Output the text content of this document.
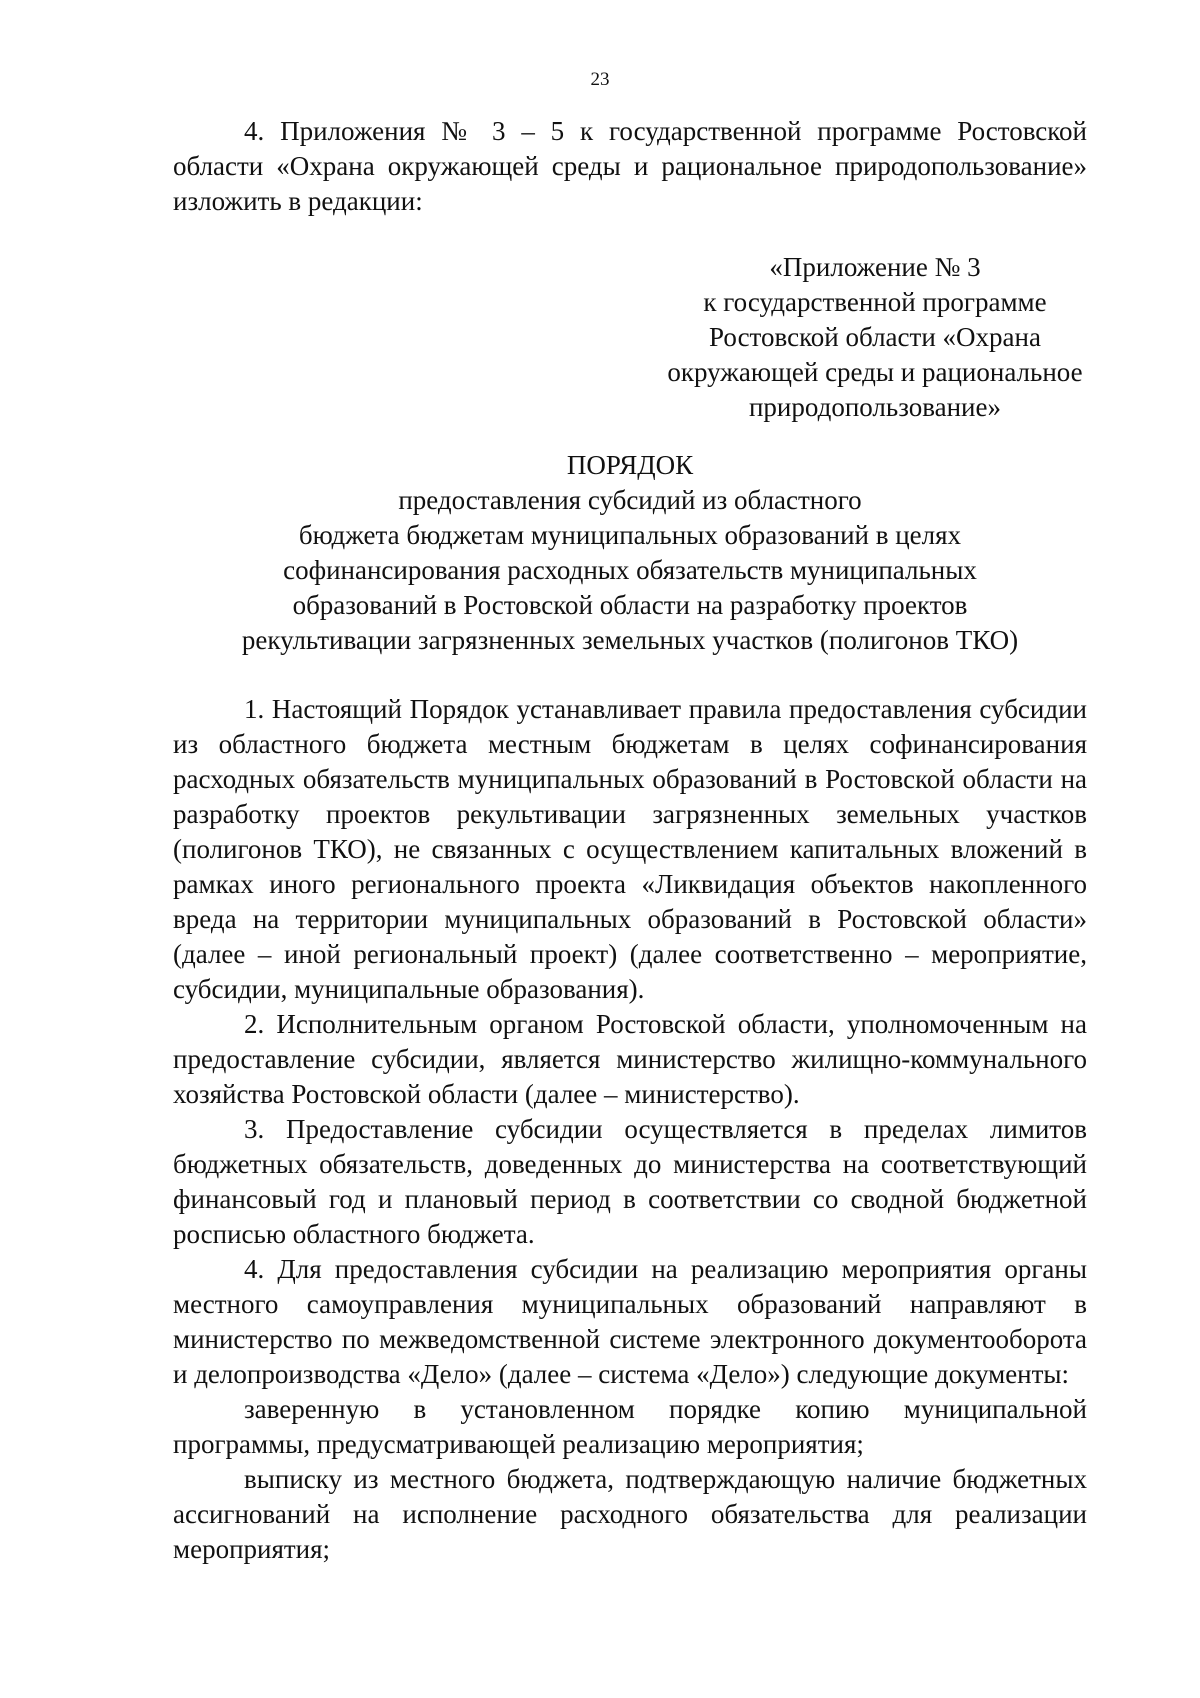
23

4. Приложения № 3 – 5 к государственной программе Ростовской области «Охрана окружающей среды и рациональное природопользование» изложить в редакции:

«Приложение № 3
к государственной программе
Ростовской области «Охрана
окружающей среды и рациональное
природопользование»
ПОРЯДОК
предоставления субсидий из областного
бюджета бюджетам муниципальных образований в целях
софинансирования расходных обязательств муниципальных
образований в Ростовской области на разработку проектов
рекультивации загрязненных земельных участков (полигонов ТКО)

1. Настоящий Порядок устанавливает правила предоставления субсидии из областного бюджета местным бюджетам в целях софинансирования расходных обязательств муниципальных образований в Ростовской области на разработку проектов рекультивации загрязненных земельных участков (полигонов ТКО), не связанных с осуществлением капитальных вложений в рамках иного регионального проекта «Ликвидация объектов накопленного вреда на территории муниципальных образований в Ростовской области» (далее – иной региональный проект) (далее соответственно – мероприятие, субсидии, муниципальные образования).

2. Исполнительным органом Ростовской области, уполномоченным на предоставление субсидии, является министерство жилищно-коммунального хозяйства Ростовской области (далее – министерство).

3. Предоставление субсидии осуществляется в пределах лимитов бюджетных обязательств, доведенных до министерства на соответствующий финансовый год и плановый период в соответствии со сводной бюджетной росписью областного бюджета.

4. Для предоставления субсидии на реализацию мероприятия органы местного самоуправления муниципальных образований направляют в министерство по межведомственной системе электронного документооборота и делопроизводства «Дело» (далее – система «Дело») следующие документы:

заверенную в установленном порядке копию муниципальной программы, предусматривающей реализацию мероприятия;

выписку из местного бюджета, подтверждающую наличие бюджетных ассигнований на исполнение расходного обязательства для реализации мероприятия;
